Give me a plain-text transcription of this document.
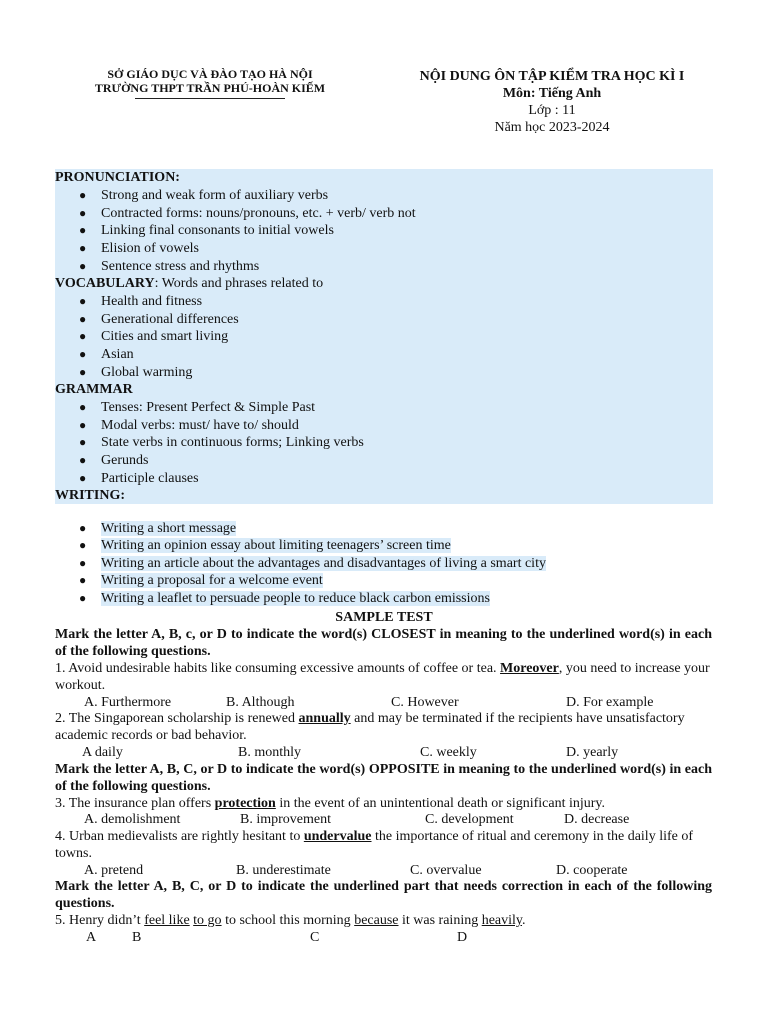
SỞ GIÁO DỤC VÀ ĐÀO TẠO HÀ NỘI
TRƯỜNG THPT TRẦN PHÚ-HOÀN KIẾM
NỘI DUNG ÔN TẬP KIỂM TRA HỌC KÌ I
Môn: Tiếng Anh
Lớp : 11
Năm học 2023-2024
PRONUNCIATION:
● Strong and weak form of auxiliary verbs
● Contracted forms: nouns/pronouns, etc. + verb/ verb not
● Linking final consonants to initial vowels
● Elision of vowels
● Sentence stress and rhythms
VOCABULARY: Words and phrases related to
● Health and fitness
● Generational differences
● Cities and smart living
● Asian
● Global warming
GRAMMAR
● Tenses: Present Perfect & Simple Past
● Modal verbs: must/ have to/ should
● State verbs in continuous forms; Linking verbs
● Gerunds
● Participle clauses
WRITING:
● Writing a short message
● Writing an opinion essay about limiting teenagers’ screen time
● Writing an article about the advantages and disadvantages of living a smart city
● Writing a proposal for a welcome event
● Writing a leaflet to persuade people to reduce black carbon emissions
SAMPLE TEST
Mark the letter A, B, c, or D to indicate the word(s) CLOSEST in meaning to the underlined word(s) in each of the following questions.
1. Avoid undesirable habits like consuming excessive amounts of coffee or tea. Moreover, you need to increase your workout.
A. Furthermore	B. Although	C. However	D. For example
2. The Singaporean scholarship is renewed annually and may be terminated if the recipients have unsatisfactory academic records or bad behavior.
A daily	B. monthly	C. weekly	D. yearly
Mark the letter A, B, C, or D to indicate the word(s) OPPOSITE in meaning to the underlined word(s) in each of the following questions.
3. The insurance plan offers protection in the event of an unintentional death or significant injury.
A. demolishment	B. improvement	C. development	D. decrease
4. Urban medievalists are rightly hesitant to undervalue the importance of ritual and ceremony in the daily life of towns.
A. pretend	B. underestimate	C. overvalue	D. cooperate
Mark the letter A, B, C, or D to indicate the underlined part that needs correction in each of the following questions.
5. Henry didn’t feel like to go to school this morning because it was raining heavily.
A	B	C	D
